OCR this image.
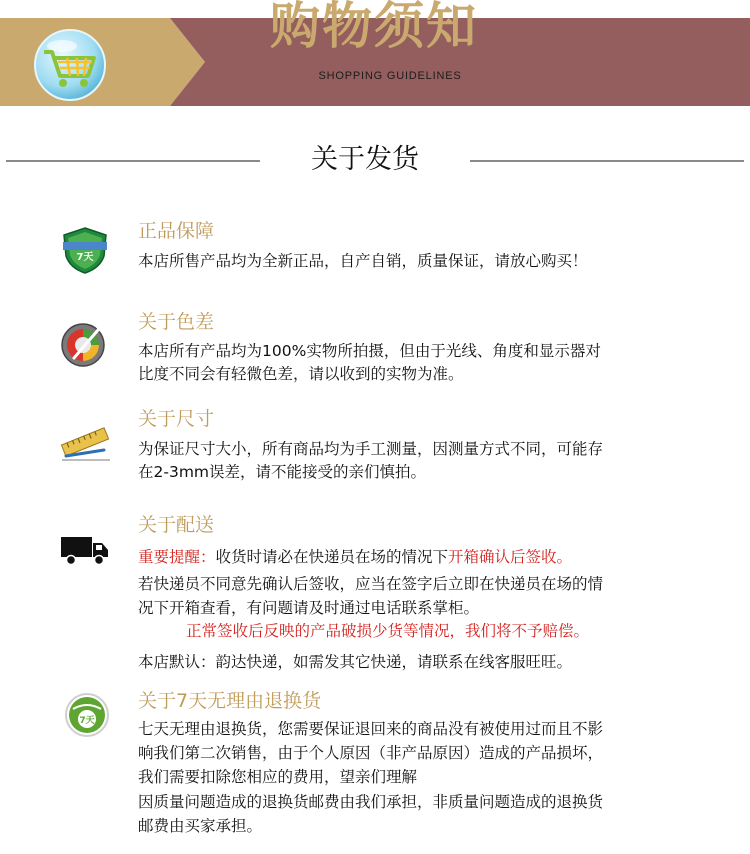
购物须知
SHOPPING GUIDELINES
关于发货
7天
正品保障
本店所售产品均为全新正品，自产自销，质量保证，请放心购买！
关于色差
本店所有产品均为100%实物所拍摄，但由于光线、角度和显示器对
比度不同会有轻微色差，请以收到的实物为准。
关于尺寸
为保证尺寸大小，所有商品均为手工测量，因测量方式不同，可能存
在2-3mm误差，请不能接受的亲们慎拍。
关于配送
重要提醒：收货时请必在快递员在场的情况下开箱确认后签收。
若快递员不同意先确认后签收，应当在签字后立即在快递员在场的情
况下开箱查看，有问题请及时通过电话联系掌柜。
正常签收后反映的产品破损少货等情况，我们将不予赔偿。
本店默认：韵达快递，如需发其它快递，请联系在线客服旺旺。
7天
关于7天无理由退换货
七天无理由退换货，您需要保证退回来的商品没有被使用过而且不影
响我们第二次销售，由于个人原因（非产品原因）造成的产品损坏，
我们需要扣除您相应的费用，望亲们理解
因质量问题造成的退换货邮费由我们承担，非质量问题造成的退换货
邮费由买家承担。
